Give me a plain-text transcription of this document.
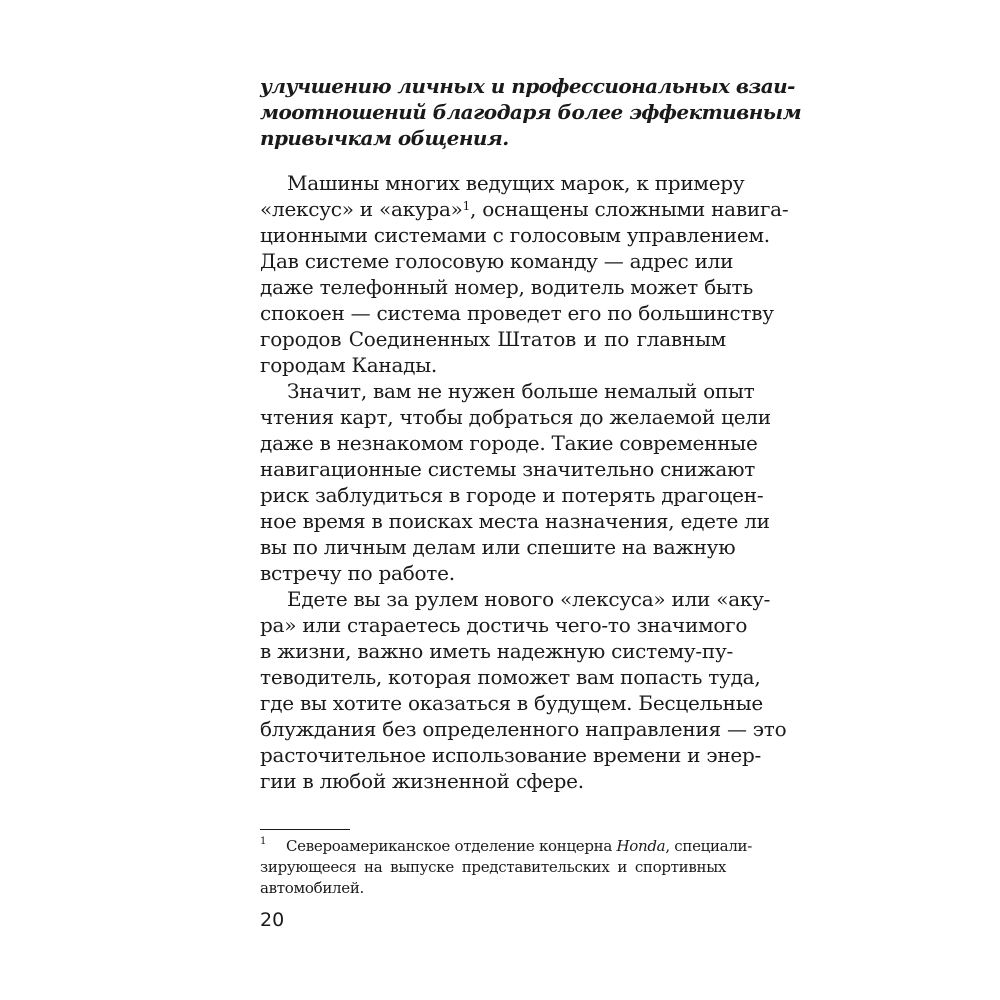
улучшению личных и профессиональных взаи-
моотношений благодаря более эффективным
привычкам общения.
Машины многих ведущих марок, к примеру
«лексус» и «акура»$^1$, оснащены сложными навига-
ционными системами с голосовым управлением.
Дав системе голосовую команду — адрес или
даже телефонный номер, водитель может быть
спокоен — система проведет его по большинству
городов Соединенных Штатов и по главным
городам Канады.
Значит, вам не нужен больше немалый опыт
чтения карт, чтобы добраться до желаемой цели
даже в незнакомом городе. Такие современные
навигационные системы значительно снижают
риск заблудиться в городе и потерять драгоцен-
ное время в поисках места назначения, едете ли
вы по личным делам или спешите на важную
встречу по работе.
Едете вы за рулем нового «лексуса» или «аку-
ра» или стараетесь достичь чего-то значимого
в жизни, важно иметь надежную систему-пу-
теводитель, которая поможет вам попасть туда,
где вы хотите оказаться в будущем. Бесцельные
блуждания без определенного направления — это
расточительное использование времени и энер-
гии в любой жизненной сфере.
1 Североамериканское отделение концерна Honda, специали-
зирующееся на выпуске представительских и спортивных
автомобилей.
20
